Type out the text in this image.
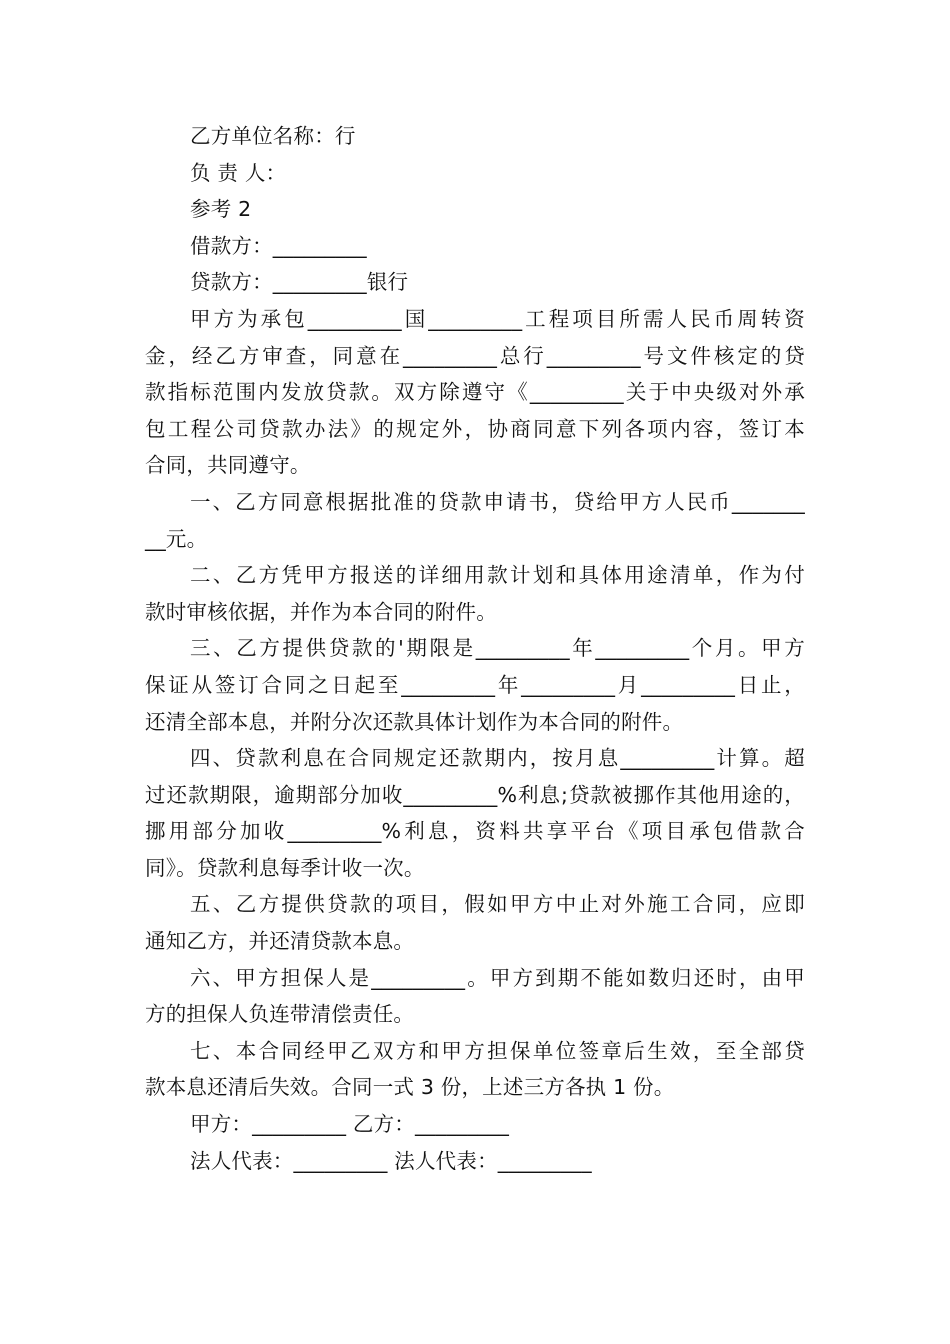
乙方单位名称：行
负 责 人：
参考 2
借款方：_________
贷款方：_________银行
甲方为承包_________国_________工程项目所需人民币周转资
金，经乙方审查，同意在_________总行_________号文件核定的贷
款指标范围内发放贷款。双方除遵守《_________关于中央级对外承
包工程公司贷款办法》的规定外，协商同意下列各项内容，签订本
合同，共同遵守。
一、乙方同意根据批准的贷款申请书，贷给甲方人民币_______
__元。
二、乙方凭甲方报送的详细用款计划和具体用途清单，作为付
款时审核依据，并作为本合同的附件。
三、乙方提供贷款的'期限是_________年_________个月。甲方
保证从签订合同之日起至_________年_________月_________日止，
还清全部本息，并附分次还款具体计划作为本合同的附件。
四、贷款利息在合同规定还款期内，按月息_________计算。超
过还款期限，逾期部分加收_________%利息;贷款被挪作其他用途的，
挪用部分加收_________%利息，资料共享平台《项目承包借款合
同》。贷款利息每季计收一次。
五、乙方提供贷款的项目，假如甲方中止对外施工合同，应即
通知乙方，并还清贷款本息。
六、甲方担保人是_________。甲方到期不能如数归还时，由甲
方的担保人负连带清偿责任。
七、本合同经甲乙双方和甲方担保单位签章后生效，至全部贷
款本息还清后失效。合同一式 3 份，上述三方各执 1 份。
甲方：_________ 乙方：_________
法人代表：_________ 法人代表：_________
